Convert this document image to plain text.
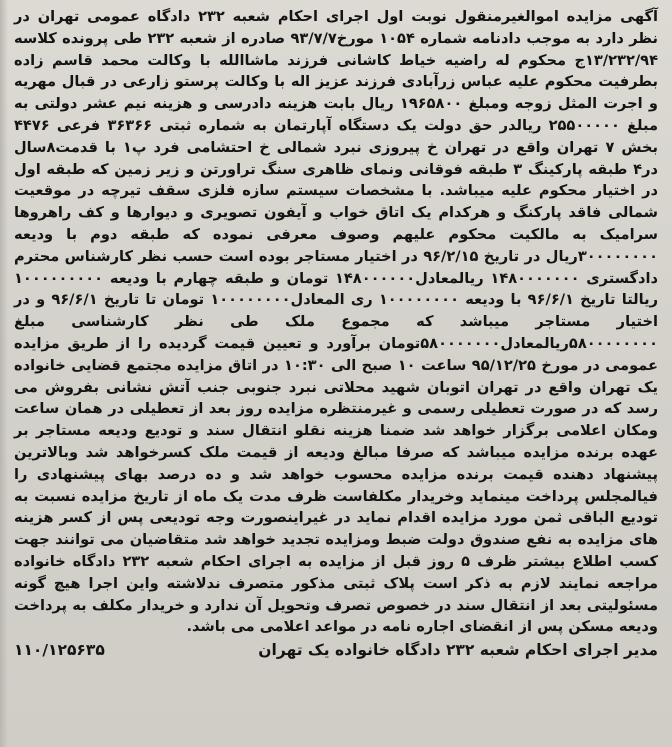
آگهی مزایده اموالغیرمنقول نوبت اول اجرای احکام شعبه ۲۳۲ دادگاه عمومی تهران در نظر دارد به موجب دادنامه شماره ۱۰۵۴ مورخ۹۳/۷/۷ صادره از شعبه ۲۳۲ طی پرونده کلاسه ۱۳/۲۳۲/۹۴ج محکوم له راضیه خیاط کاشانی فرزند ماشاالله با وکالت محمد قاسم زاده بطرفیت محکوم علیه عباس زرآبادی فرزند عزیز اله با وکالت پرستو زارعی در قبال مهریه و اجرت المثل زوجه ومبلغ ۱۹۶۵۸۰۰ ریال بابت هزینه دادرسی و هزینه نیم عشر دولتی به مبلغ ۲۵۵۰۰۰۰۰ ریالدر حق دولت یک دستگاه آپارتمان به شماره ثبتی ۳۶۳۶۶ فرعی ۴۴۷۶ بخش ۷ تهران واقع در تهران خ پیروزی نبرد شمالی خ احتشامی فرد پ۱ با قدمت۸سال در۴ طبقه پارکینگ ۳ طبقه فوقانی ونمای ظاهری سنگ تراورتن و زیر زمین که طبقه اول در اختیار محکوم علیه میباشد. با مشخصات سیستم سازه فلزی سقف تیرچه در موقعیت شمالی فاقد پارکنگ و هرکدام یک اتاق خواب و آیفون تصویری و دیوارها و کف راهروها سرامیک به مالکیت محکوم علیهم وصوف معرفی نموده که طبقه دوم با ودیعه ۳۰۰۰۰۰۰۰۰ریال در تاریخ ۹۶/۲/۱۵ در اختیار مستاجر بوده است حسب نظر کارشناس محترم دادگستری ۱۴۸۰۰۰۰۰۰۰ ریالمعادل۱۴۸۰۰۰۰۰۰ تومان و طبقه چهارم با ودیعه ۱۰۰۰۰۰۰۰۰۰ ریالتا تاریخ ۹۶/۶/۱ با ودیعه ۱۰۰۰۰۰۰۰۰ ری المعادل۱۰۰۰۰۰۰۰۰ تومان تا تاریخ ۹۶/۶/۱ و در اختیار مستاجر میباشد که مجموع ملک طی نظر کارشناسی مبلغ ۵۸۰۰۰۰۰۰۰۰ریالمعادل۵۸۰۰۰۰۰۰۰تومان برآورد و تعیین قیمت گردیده را از طریق مزایده عمومی در مورخ ۹۵/۱۲/۲۵ ساعت ۱۰ صبح الی ۱۰:۳۰ در اتاق مزایده مجتمع قضایی خانواده یک تهران واقع در تهران اتوبان شهید محلاتی نبرد جنوبی جنب آتش نشانی بفروش می رسد که در صورت تعطیلی رسمی و غیرمنتظره مزایده روز بعد از تعطیلی در همان ساعت ومکان اعلامی برگزار خواهد شد ضمنا هزینه نقلو انتقال سند و تودیع ودیعه مستاجر بر عهده برنده مزایده میباشد که صرفا مبالغ ودیعه از قیمت ملک کسرخواهد شد وبالاترین پیشنهاد دهنده قیمت برنده مزایده محسوب خواهد شد و ده درصد بهای پیشنهادی را فیالمجلس پرداخت مینماید وخریدار مکلفاست ظرف مدت یک ماه از تاریخ مزایده نسبت به تودیع الباقی ثمن مورد مزایده اقدام نماید در غیراینصورت وجه تودیعی پس از کسر هزینه های مزایده به نفع صندوق دولت ضبط ومزایده تجدید خواهد شد متقاضیان می توانند جهت کسب اطلاع بیشتر ظرف ۵ روز قبل از مزایده به اجرای احکام شعبه ۲۳۲ دادگاه خانواده مراجعه نمایند لازم به ذکر است پلاک ثبتی مذکور متصرف ندلاشته واین اجرا هیچ گونه مسئولیتی بعد از انتقال سند در خصوص تصرف وتحویل آن ندارد و خریدار مکلف به پرداخت ودیعه مسکن پس از انقضای اجاره نامه در مواعد اعلامی می باشد.

مدیر اجرای احکام شعبه ۲۳۲ دادگاه خانواده یک تهران
۱۱۰/۱۲۵۶۳۵
